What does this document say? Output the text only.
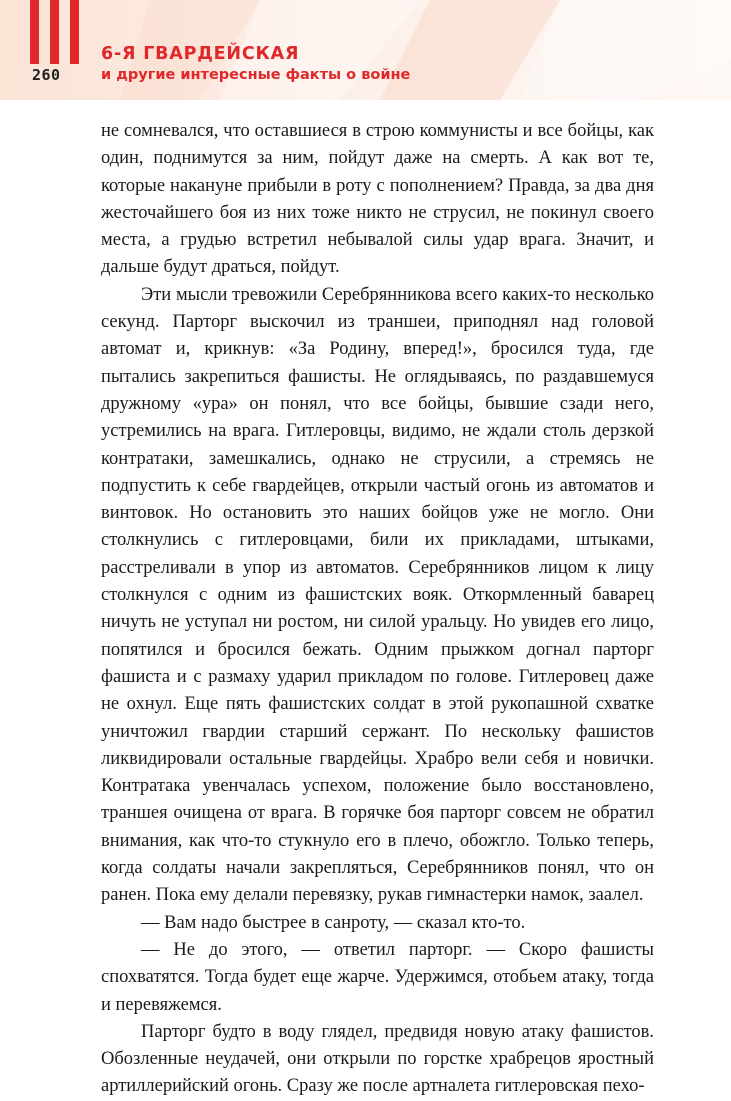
260
6-Я ГВАРДЕЙСКАЯ
и другие интересные факты о войне

не сомневался, что оставшиеся в строю коммунисты и все бойцы, как один, поднимутся за ним, пойдут даже на смерть. А как вот те, которые накануне прибыли в роту с пополнением? Правда, за два дня жесточайшего боя из них тоже никто не струсил, не покинул своего места, а грудью встретил небывалой силы удар врага. Значит, и дальше будут драться, пойдут.

Эти мысли тревожили Серебрянникова всего каких-то несколько секунд. Парторг выскочил из траншеи, приподнял над головой автомат и, крикнув: «За Родину, вперед!», бросился туда, где пытались закрепиться фашисты. Не оглядываясь, по раздавшемуся дружному «ура» он понял, что все бойцы, бывшие сзади него, устремились на врага. Гитлеровцы, видимо, не ждали столь дерзкой контратаки, замешкались, однако не струсили, а стремясь не подпустить к себе гвардейцев, открыли частый огонь из автоматов и винтовок. Но остановить это наших бойцов уже не могло. Они столкнулись с гитлеровцами, били их прикладами, штыками, расстреливали в упор из автоматов. Серебрянников лицом к лицу столкнулся с одним из фашистских вояк. Откормленный баварец ничуть не уступал ни ростом, ни силой уральцу. Но увидев его лицо, попятился и бросился бежать. Одним прыжком догнал парторг фашиста и с размаху ударил прикладом по голове. Гитлеровец даже не охнул. Еще пять фашистских солдат в этой рукопашной схватке уничтожил гвардии старший сержант. По нескольку фашистов ликвидировали остальные гвардейцы. Храбро вели себя и новички. Контратака увенчалась успехом, положение было восстановлено, траншея очищена от врага. В горячке боя парторг совсем не обратил внимания, как что-то стукнуло его в плечо, обожгло. Только теперь, когда солдаты начали закрепляться, Серебрянников понял, что он ранен. Пока ему делали перевязку, рукав гимнастерки намок, заалел.

— Вам надо быстрее в санроту, — сказал кто-то.

— Не до этого, — ответил парторг. — Скоро фашисты спохватятся. Тогда будет еще жарче. Удержимся, отобьем атаку, тогда и перевяжемся.

Парторг будто в воду глядел, предвидя новую атаку фашистов. Обозленные неудачей, они открыли по горстке храбрецов яростный артиллерийский огонь. Сразу же после артналета гитлеровская пехо-
